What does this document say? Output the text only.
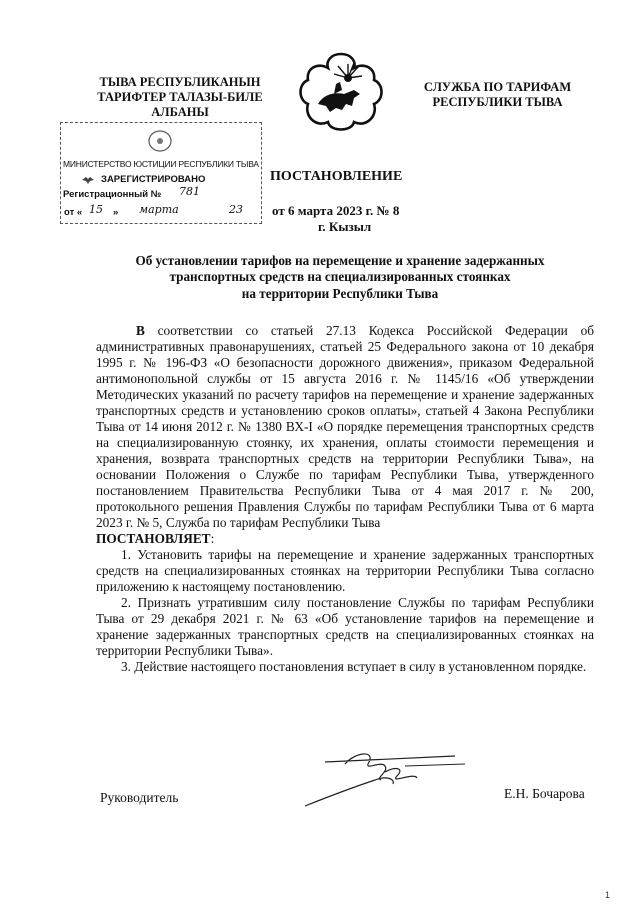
ТЫВА РЕСПУБЛИКАНЫН
ТАРИФТЕР ТАЛАЗЫ-БИЛЕ
АЛБАНЫ
СЛУЖБА ПО ТАРИФАМ
РЕСПУБЛИКИ ТЫВА
МИНИСТЕРСТВО ЮСТИЦИИ РЕСПУБЛИКИ ТЫВА
ЗАРЕГИСТРИРОВАНО
Регистрационный № 781
от « 15 » марта	23
ПОСТАНОВЛЕНИЕ
от 6 марта 2023 г. № 8
г. Кызыл
Об установлении тарифов на перемещение и хранение задержанных
транспортных средств на специализированных стоянках
на территории Республики Тыва

В соответствии со статьей 27.13 Кодекса Российской Федерации об административных правонарушениях, статьей 25 Федерального закона от 10 декабря 1995 г. № 196-ФЗ «О безопасности дорожного движения», приказом Федеральной антимонопольной службы от 15 августа 2016 г. № 1145/16 «Об утверждении Методических указаний по расчету тарифов на перемещение и хранение задержанных транспортных средств и установлению сроков оплаты», статьей 4 Закона Республики Тыва от 14 июня 2012 г. № 1380 ВХ-I «О порядке перемещения транспортных средств на специализированную стоянку, их хранения, оплаты стоимости перемещения и хранения, возврата транспортных средств на территории Республики Тыва», на основании Положения о Службе по тарифам Республики Тыва, утвержденного постановлением Правительства Республики Тыва от 4 мая 2017 г. № 200, протокольного решения Правления Службы по тарифам Республики Тыва от 6 марта 2023 г. № 5, Служба по тарифам Республики Тыва

ПОСТАНОВЛЯЕТ:

1. Установить тарифы на перемещение и хранение задержанных транспортных средств на специализированных стоянках на территории Республики Тыва согласно приложению к настоящему постановлению.

2. Признать утратившим силу постановление Службы по тарифам Республики Тыва от 29 декабря 2021 г. № 63 «Об установление тарифов на перемещение и хранение задержанных транспортных средств на специализированных стоянках на территории Республики Тыва».

3. Действие настоящего постановления вступает в силу в установленном порядке.

Руководитель	Е.Н. Бочарова
1
